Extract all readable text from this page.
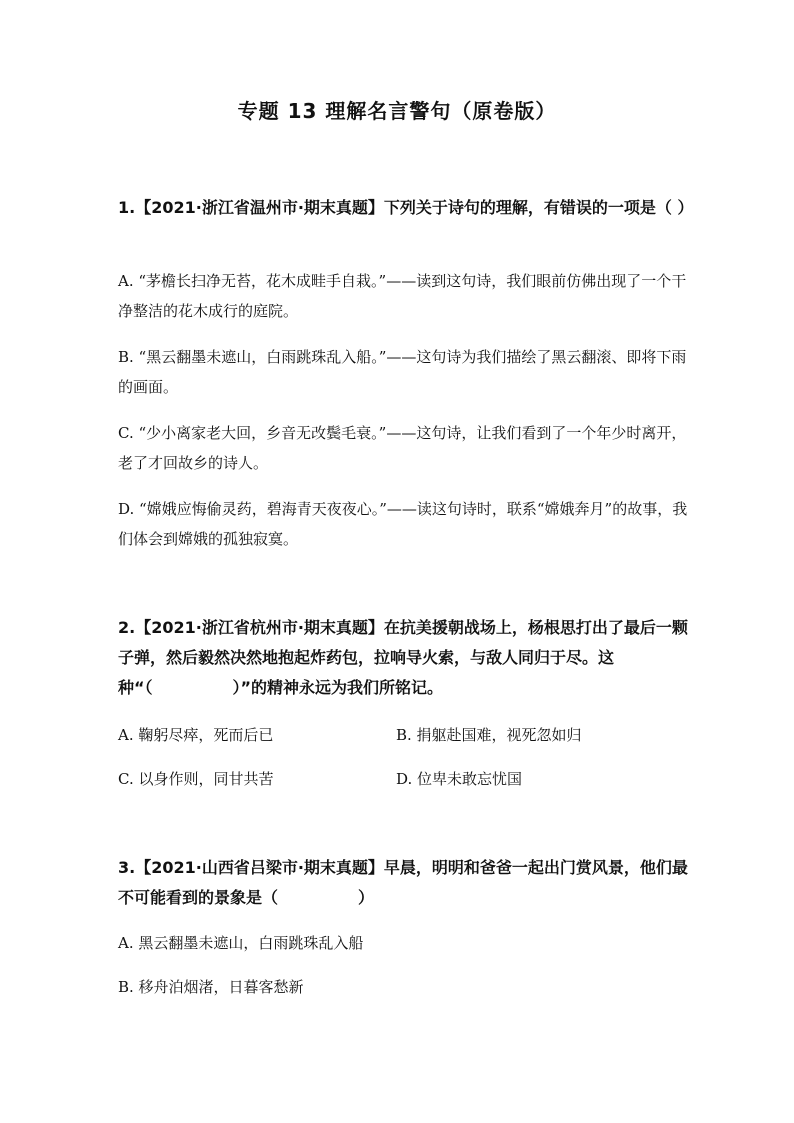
专题 13 理解名言警句（原卷版）

1.【2021·浙江省温州市·期末真题】下列关于诗句的理解，有错误的一项是（ ）

A. “茅檐长扫净无苔，花木成畦手自栽。”——读到这句诗，我们眼前仿佛出现了一个干净整洁的花木成行的庭院。

B. “黑云翻墨未遮山，白雨跳珠乱入船。”——这句诗为我们描绘了黑云翻滚、即将下雨的画面。

C. “少小离家老大回，乡音无改鬓毛衰。”——这句诗，让我们看到了一个年少时离开，老了才回故乡的诗人。

D. “嫦娥应悔偷灵药，碧海青天夜夜心。”——读这句诗时，联系“嫦娥奔月”的故事，我们体会到嫦娥的孤独寂寞。

2.【2021·浙江省杭州市·期末真题】在抗美援朝战场上，杨根思打出了最后一颗子弹，然后毅然决然地抱起炸药包，拉响导火索，与敌人同归于尽。这种“（　　　　　）”的精神永远为我们所铭记。

A. 鞠躬尽瘁，死而后已	B. 捐躯赴国难，视死忽如归

C. 以身作则，同甘共苦	D. 位卑未敢忘忧国

3.【2021·山西省吕梁市·期末真题】早晨，明明和爸爸一起出门赏风景，他们最不可能看到的景象是（　　　　　）

A. 黑云翻墨未遮山，白雨跳珠乱入船

B. 移舟泊烟渚，日暮客愁新
